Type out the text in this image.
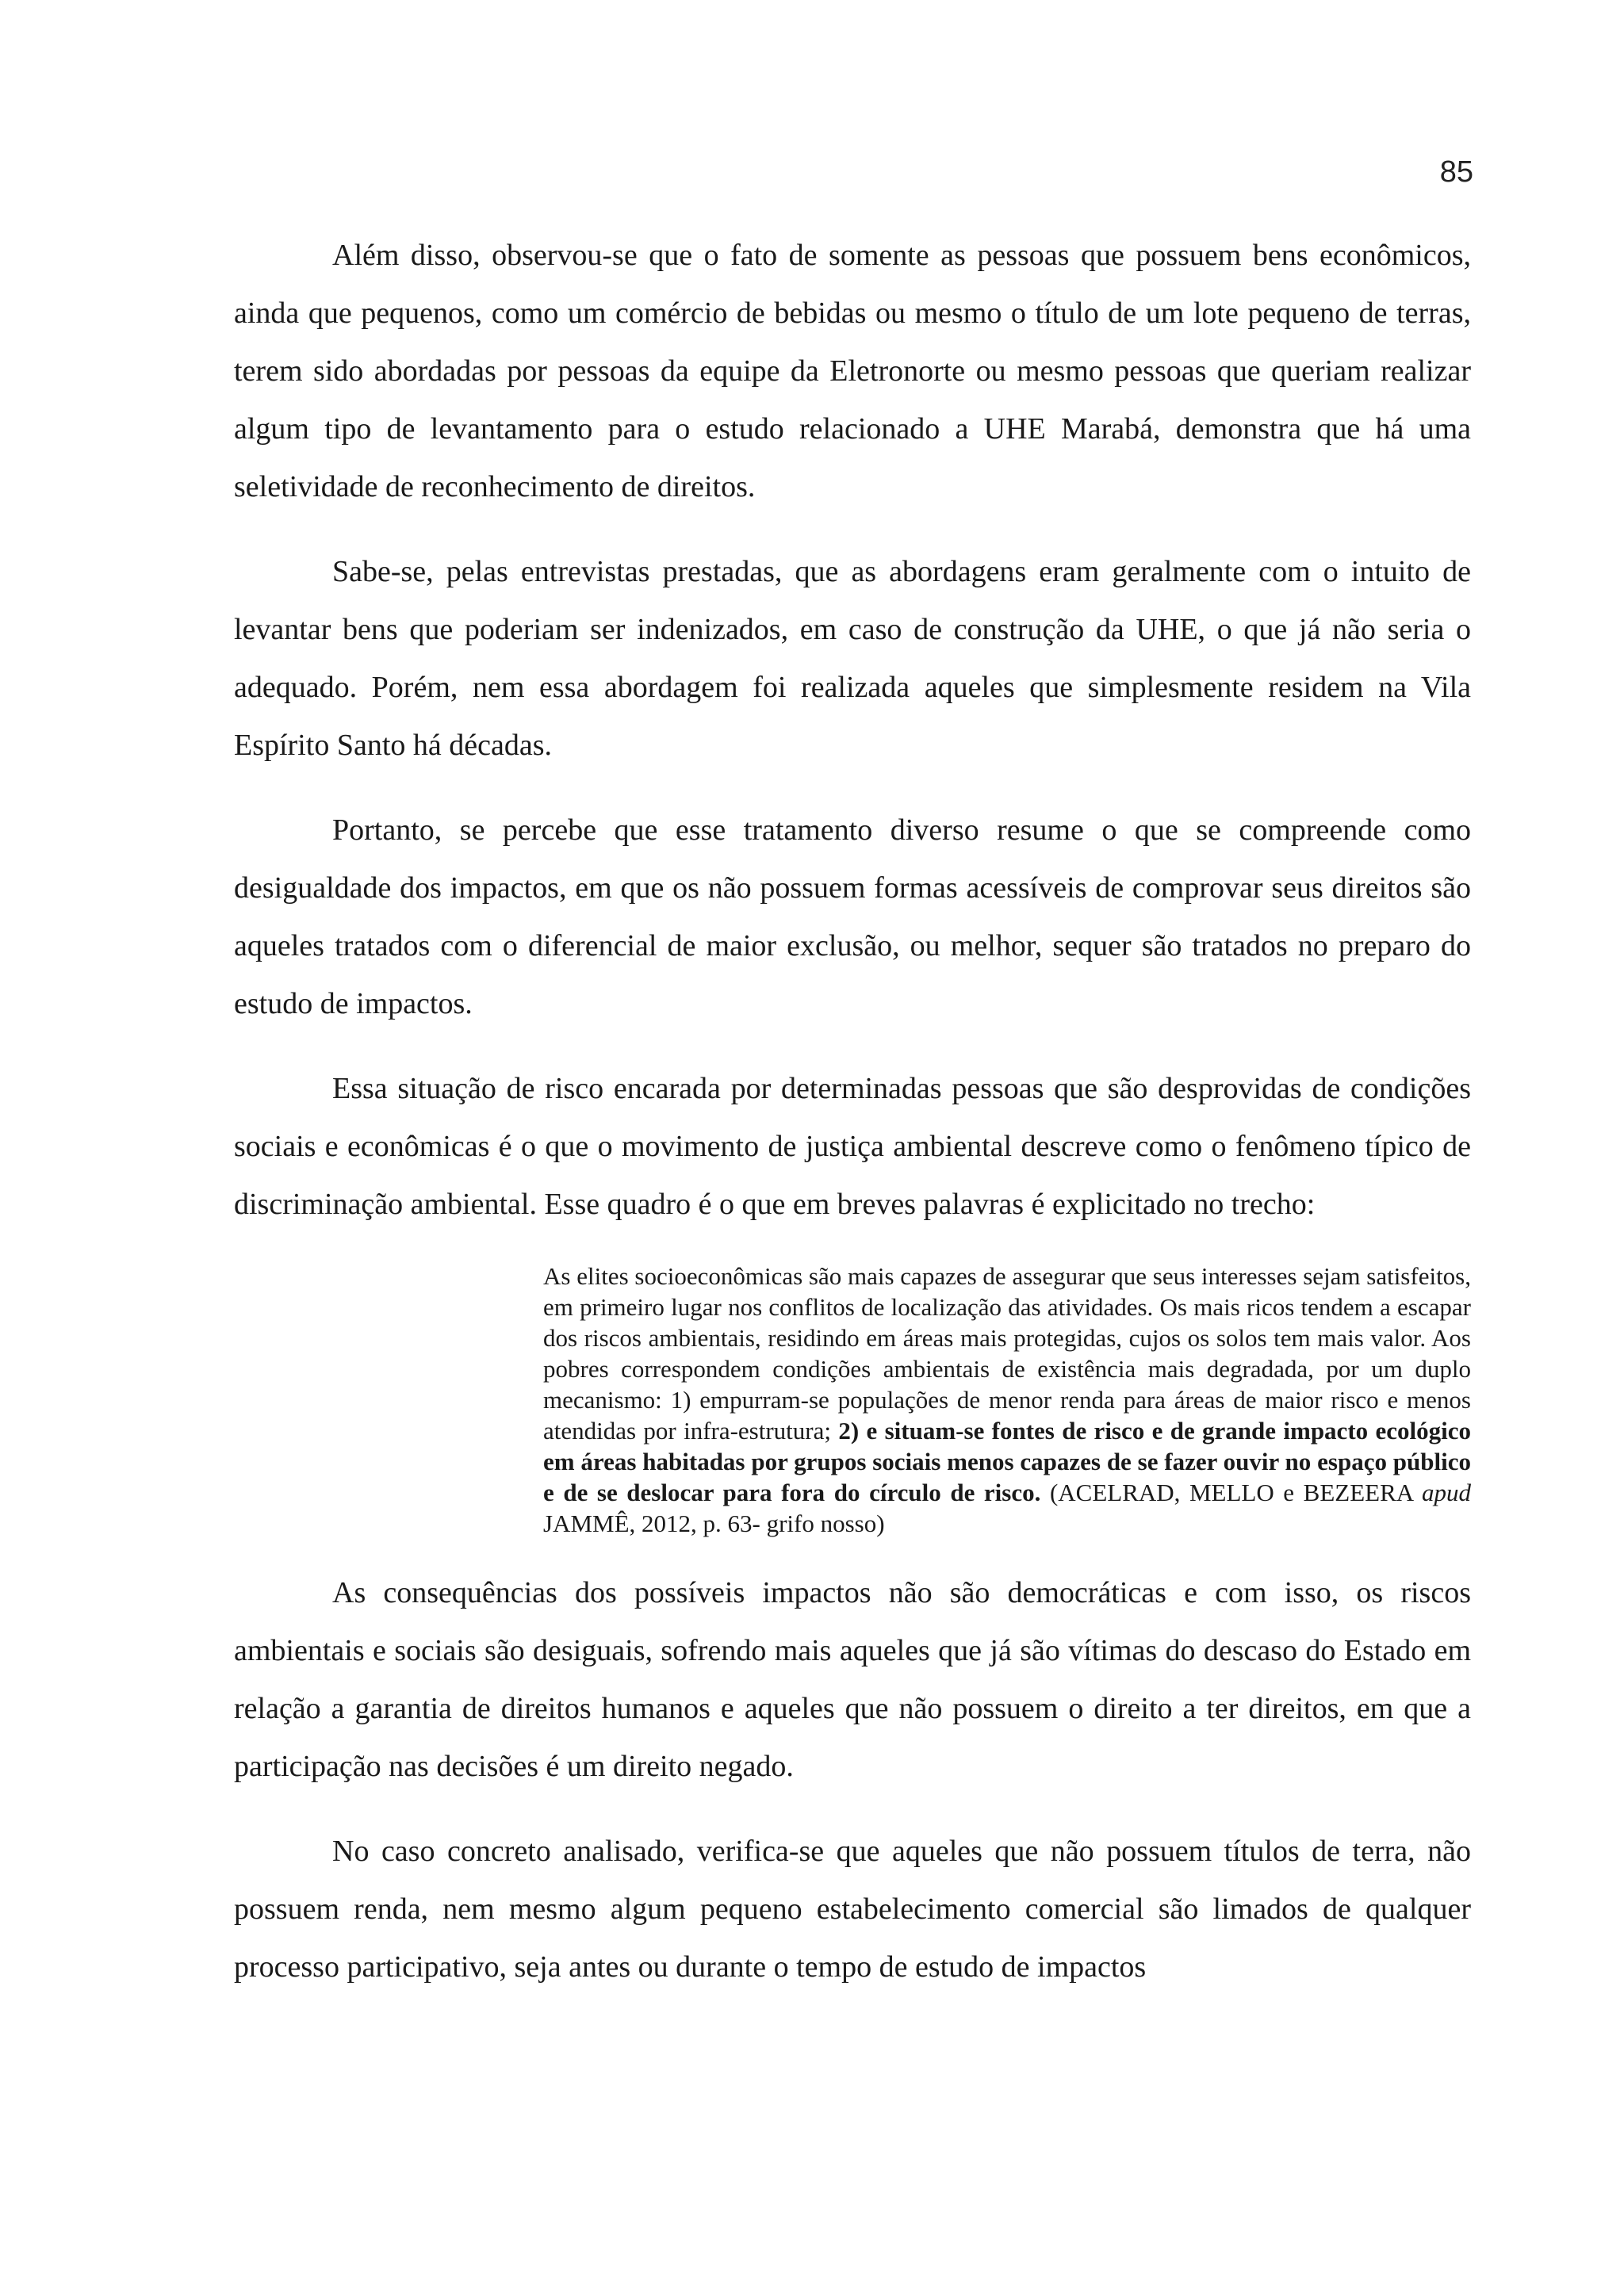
85

Além disso, observou-se que o fato de somente as pessoas que possuem bens econômicos, ainda que pequenos, como um comércio de bebidas ou mesmo o título de um lote pequeno de terras, terem sido abordadas por pessoas da equipe da Eletronorte ou mesmo pessoas que queriam realizar algum tipo de levantamento para o estudo relacionado a UHE Marabá, demonstra que há uma seletividade de reconhecimento de direitos.

Sabe-se, pelas entrevistas prestadas, que as abordagens eram geralmente com o intuito de levantar bens que poderiam ser indenizados, em caso de construção da UHE, o que já não seria o adequado. Porém, nem essa abordagem foi realizada aqueles que simplesmente residem na Vila Espírito Santo há décadas.

Portanto, se percebe que esse tratamento diverso resume o que se compreende como desigualdade dos impactos, em que os não possuem formas acessíveis de comprovar seus direitos são aqueles tratados com o diferencial de maior exclusão, ou melhor, sequer são tratados no preparo do estudo de impactos.

Essa situação de risco encarada por determinadas pessoas que são desprovidas de condições sociais e econômicas é o que o movimento de justiça ambiental descreve como o fenômeno típico de discriminação ambiental. Esse quadro é o que em breves palavras é explicitado no trecho:

As elites socioeconômicas são mais capazes de assegurar que seus interesses sejam satisfeitos, em primeiro lugar nos conflitos de localização das atividades. Os mais ricos tendem a escapar dos riscos ambientais, residindo em áreas mais protegidas, cujos os solos tem mais valor. Aos pobres correspondem condições ambientais de existência mais degradada, por um duplo mecanismo: 1) empurram-se populações de menor renda para áreas de maior risco e menos atendidas por infra-estrutura; 2) e situam-se fontes de risco e de grande impacto ecológico em áreas habitadas por grupos sociais menos capazes de se fazer ouvir no espaço público e de se deslocar para fora do círculo de risco. (ACELRAD, MELLO e BEZEERA apud JAMMÊ, 2012, p. 63- grifo nosso)

As consequências dos possíveis impactos não são democráticas e com isso, os riscos ambientais e sociais são desiguais, sofrendo mais aqueles que já são vítimas do descaso do Estado em relação a garantia de direitos humanos e aqueles que não possuem o direito a ter direitos, em que a participação nas decisões é um direito negado.

No caso concreto analisado, verifica-se que aqueles que não possuem títulos de terra, não possuem renda, nem mesmo algum pequeno estabelecimento comercial são limados de qualquer processo participativo, seja antes ou durante o tempo de estudo de impactos
